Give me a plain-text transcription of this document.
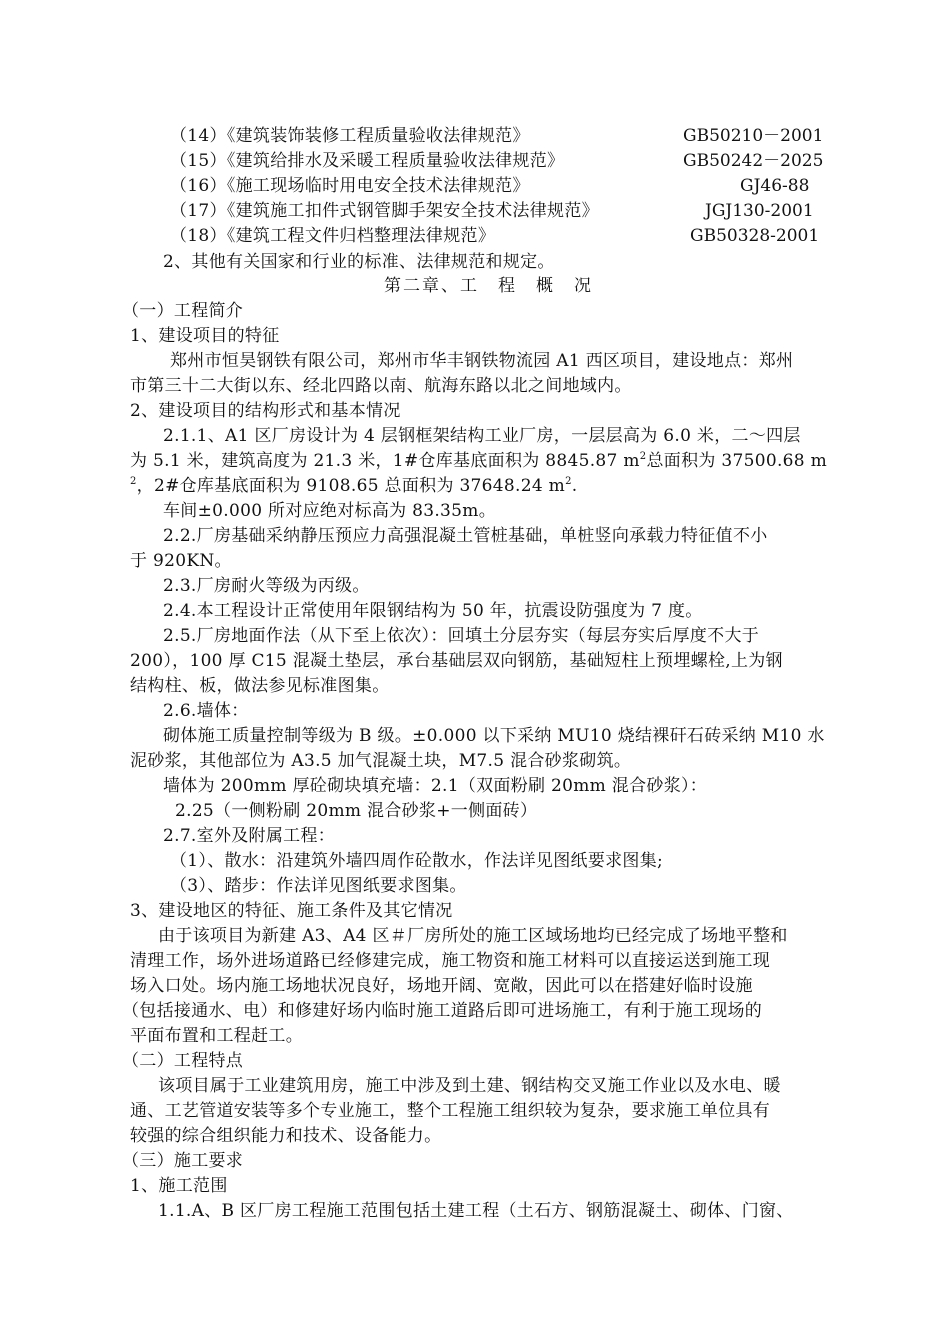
（14）《建筑装饰装修工程质量验收法律规范》	GB50210－2001
（15）《建筑给排水及采暖工程质量验收法律规范》	GB50242－2025
（16）《施工现场临时用电安全技术法律规范》	GJ46-88
（17）《建筑施工扣件式钢管脚手架安全技术法律规范》	JGJ130-2001
（18）《建筑工程文件归档整理法律规范》	GB50328-2001
2、其他有关国家和行业的标准、法律规范和规定。
第二章、工　程　概　况
（一）工程简介
1、建设项目的特征
郑州市恒昊钢铁有限公司，郑州市华丰钢铁物流园 A1 西区项目，建设地点：郑州
市第三十二大街以东、经北四路以南、航海东路以北之间地域内。
2、建设项目的结构形式和基本情况
2.1.1、A1 区厂房设计为 4 层钢框架结构工业厂房，一层层高为 6.0 米，二～四层
为 5.1 米，建筑高度为 21.3 米，1#仓库基底面积为 8845.87 $m^2$总面积为 37500.68 m
$^2$，2#仓库基底面积为 9108.65 总面积为 37648.24 $m^2$.
车间±0.000 所对应绝对标高为 83.35m。
2.2.厂房基础采纳静压预应力高强混凝土管桩基础，单桩竖向承载力特征值不小
于 920KN。
2.3.厂房耐火等级为丙级。
2.4.本工程设计正常使用年限钢结构为 50 年，抗震设防强度为 7 度。
2.5.厂房地面作法（从下至上依次）：回填土分层夯实（每层夯实后厚度不大于
200），100 厚 C15 混凝土垫层，承台基础层双向钢筋，基础短柱上预埋螺栓,上为钢
结构柱、板，做法参见标准图集。
2.6.墙体：
砌体施工质量控制等级为 B 级。±0.000 以下采纳 MU10 烧结裸矸石砖采纳 M10 水
泥砂浆，其他部位为 A3.5 加气混凝土块，M7.5 混合砂浆砌筑。
墙体为 200mm 厚砼砌块填充墙：2.1（双面粉刷 20mm 混合砂浆）：
2.25（一侧粉刷 20mm 混合砂浆+一侧面砖）
2.7.室外及附属工程：
（1）、散水：沿建筑外墙四周作砼散水，作法详见图纸要求图集;
（3）、踏步：作法详见图纸要求图集。
3、建设地区的特征、施工条件及其它情况
由于该项目为新建 A3、A4 区＃厂房所处的施工区域场地均已经完成了场地平整和
清理工作，场外进场道路已经修建完成，施工物资和施工材料可以直接运送到施工现
场入口处。场内施工场地状况良好，场地开阔、宽敞，因此可以在搭建好临时设施
（包括接通水、电）和修建好场内临时施工道路后即可进场施工，有利于施工现场的
平面布置和工程赶工。
（二）工程特点
该项目属于工业建筑用房，施工中涉及到土建、钢结构交叉施工作业以及水电、暖
通、工艺管道安装等多个专业施工，整个工程施工组织较为复杂，要求施工单位具有
较强的综合组织能力和技术、设备能力。
（三）施工要求
1、施工范围
1.1.A、B 区厂房工程施工范围包括土建工程（土石方、钢筋混凝土、砌体、门窗、
